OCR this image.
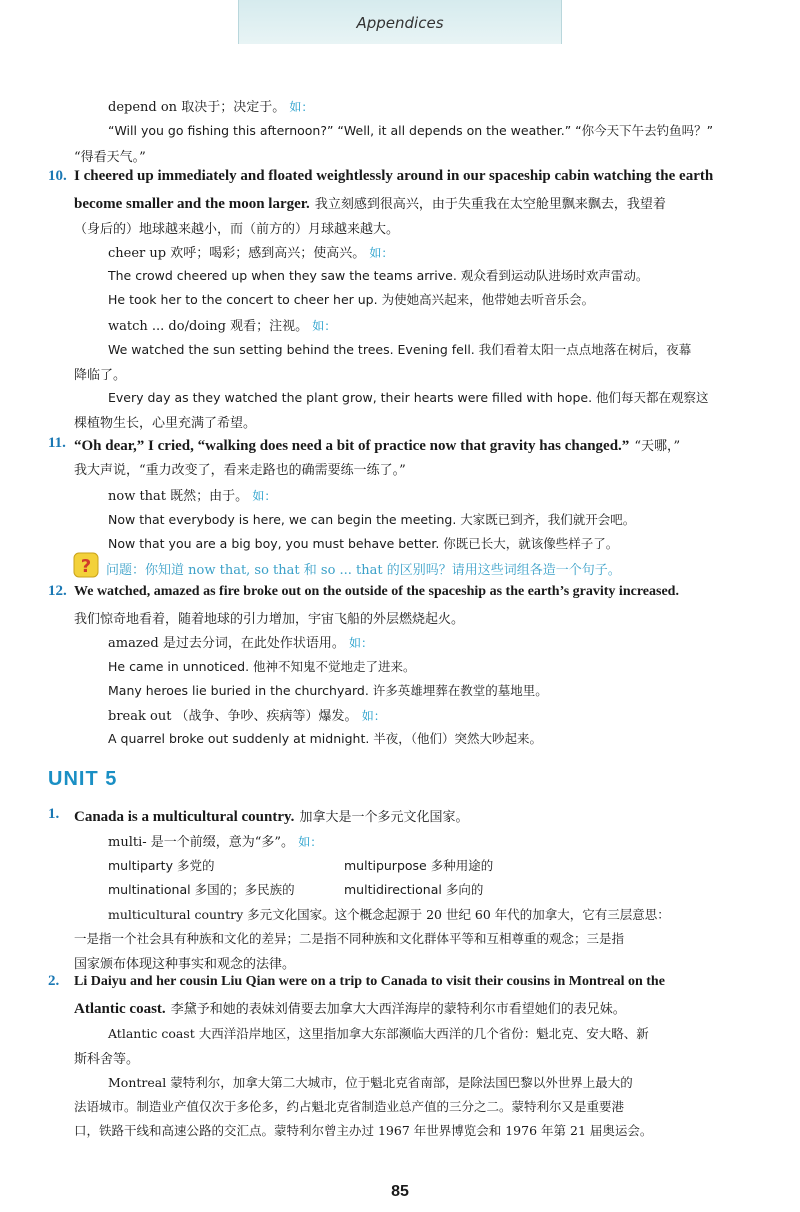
Appendices
depend on 取决于；决定于。 如：
“Will you go fishing this afternoon?” “Well, it all depends on the weather.” “你今天下午去钓鱼吗？”
“得看天气。”
10. I cheered up immediately and floated weightlessly around in our spaceship cabin watching the earth
become smaller and the moon larger. 我立刻感到很高兴，由于失重我在太空舱里飘来飘去，我望着
（身后的）地球越来越小，而（前方的）月球越来越大。
cheer up 欢呼；喝彩；感到高兴；使高兴。 如：
The crowd cheered up when they saw the teams arrive. 观众看到运动队进场时欢声雷动。
He took her to the concert to cheer her up. 为使她高兴起来，他带她去听音乐会。
watch ... do/doing 观看；注视。 如：
We watched the sun setting behind the trees. Evening fell. 我们看着太阳一点点地落在树后，夜幕
降临了。
Every day as they watched the plant grow, their hearts were filled with hope. 他们每天都在观察这
棵植物生长，心里充满了希望。
11. “Oh dear,” I cried, “walking does need a bit of practice now that gravity has changed.” “天哪，”
我大声说，“重力改变了，看来走路也的确需要练一练了。”
now that 既然；由于。 如：
Now that everybody is here, we can begin the meeting. 大家既已到齐，我们就开会吧。
Now that you are a big boy, you must behave better. 你既已长大，就该像些样子了。
? 问题：你知道 now that, so that 和 so ... that 的区别吗？请用这些词组各造一个句子。
12. We watched, amazed as fire broke out on the outside of the spaceship as the earth’s gravity increased.
我们惊奇地看着，随着地球的引力增加，宇宙飞船的外层燃烧起火。
amazed 是过去分词，在此处作状语用。 如：
He came in unnoticed. 他神不知鬼不觉地走了进来。
Many heroes lie buried in the churchyard. 许多英雄埋葬在教堂的墓地里。
break out （战争、争吵、疾病等）爆发。 如：
A quarrel broke out suddenly at midnight. 半夜，（他们）突然大吵起来。
UNIT 5
1. Canada is a multicultural country. 加拿大是一个多元文化国家。
multi- 是一个前缀，意为“多”。 如：
multiparty 多党的	multipurpose 多种用途的
multinational 多国的；多民族的	multidirectional 多向的
multicultural country 多元文化国家。这个概念起源于 20 世纪 60 年代的加拿大，它有三层意思：
一是指一个社会具有种族和文化的差异；二是指不同种族和文化群体平等和互相尊重的观念；三是指
国家颁布体现这种事实和观念的法律。
2. Li Daiyu and her cousin Liu Qian were on a trip to Canada to visit their cousins in Montreal on the
Atlantic coast. 李黛予和她的表妹刘倩要去加拿大大西洋海岸的蒙特利尔市看望她们的表兄妹。
Atlantic coast 大西洋沿岸地区，这里指加拿大东部濒临大西洋的几个省份：魁北克、安大略、新
斯科舍等。
Montreal 蒙特利尔，加拿大第二大城市，位于魁北克省南部，是除法国巴黎以外世界上最大的
法语城市。制造业产值仅次于多伦多，约占魁北克省制造业总产值的三分之二。蒙特利尔又是重要港
口，铁路干线和高速公路的交汇点。蒙特利尔曾主办过 1967 年世界博览会和 1976 年第 21 届奥运会。
85
